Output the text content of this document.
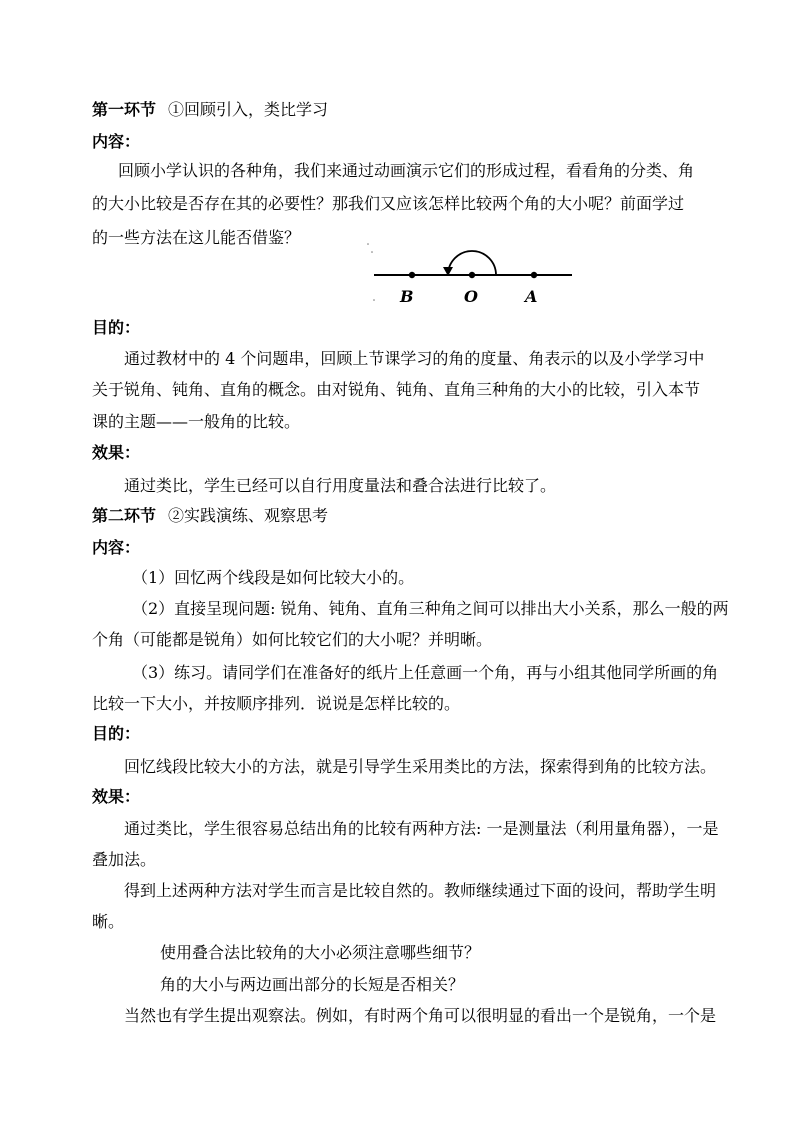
第一环节 ①回顾引入，类比学习
内容：
回顾小学认识的各种角，我们来通过动画演示它们的形成过程，看看角的分类、角
的大小比较是否存在其的必要性？那我们又应该怎样比较两个角的大小呢？前面学过
的一些方法在这儿能否借鉴？
B	O	A
目的：
通过教材中的 4 个问题串，回顾上节课学习的角的度量、角表示的以及小学学习中
关于锐角、钝角、直角的概念。由对锐角、钝角、直角三种角的大小的比较，引入本节
课的主题——一般角的比较。
效果：
通过类比，学生已经可以自行用度量法和叠合法进行比较了。
第二环节 ②实践演练、观察思考
内容：
（1）回忆两个线段是如何比较大小的。
（2）直接呈现问题: 锐角、钝角、直角三种角之间可以排出大小关系，那么一般的两
个角（可能都是锐角）如何比较它们的大小呢？并明晰。
（3）练习。请同学们在准备好的纸片上任意画一个角，再与小组其他同学所画的角
比较一下大小，并按顺序排列．说说是怎样比较的。
目的：
回忆线段比较大小的方法，就是引导学生采用类比的方法，探索得到角的比较方法。
效果：
通过类比，学生很容易总结出角的比较有两种方法: 一是测量法（利用量角器），一是
叠加法。
得到上述两种方法对学生而言是比较自然的。教师继续通过下面的设问，帮助学生明
晰。
使用叠合法比较角的大小必须注意哪些细节？
角的大小与两边画出部分的长短是否相关？
当然也有学生提出观察法。例如，有时两个角可以很明显的看出一个是锐角，一个是
